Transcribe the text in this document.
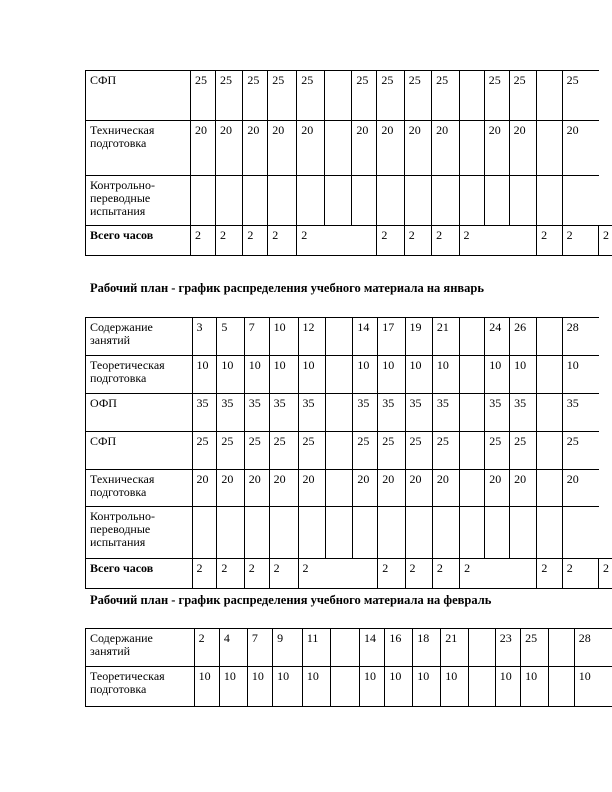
СФП	25	25	25	25	25		25	25	25	25		25	25		25	
Техническая подготовка	20	20	20	20	20		20	20	20	20		20	20		20	
Контрольно-переводные испытания																
Всего часов	2	2	2	2	2			2	2	2	2			2	2	2
Рабочий план - график распределения учебного материала на январь
Содержание занятий	3	5	7	10	12		14	17	19	21		24	26		28	
Теоретическая подготовка	10	10	10	10	10		10	10	10	10		10	10		10	
ОФП	35	35	35	35	35		35	35	35	35		35	35		35	
СФП	25	25	25	25	25		25	25	25	25		25	25		25	
Техническая подготовка	20	20	20	20	20		20	20	20	20		20	20		20	
Контрольно-переводные испытания																
Всего часов	2	2	2	2	2			2	2	2	2			2	2	2
Рабочий план - график распределения учебного материала на февраль
Содержание занятий	2	4	7	9	11		14	16	18	21		23	25		28
Теоретическая подготовка	10	10	10	10	10		10	10	10	10		10	10		10
